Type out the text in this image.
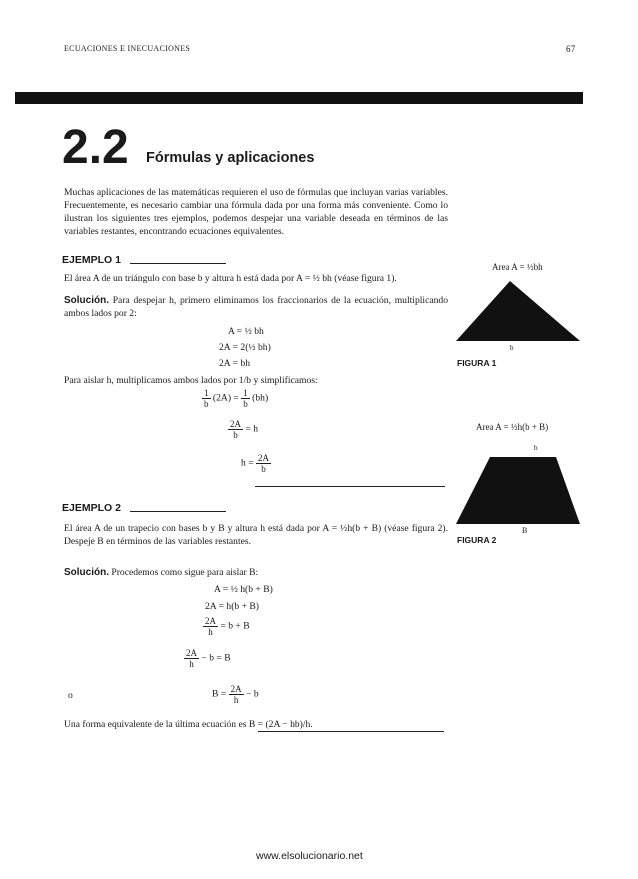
ECUACIONES E INECUACIONES	67
2.2 Fórmulas y aplicaciones
Muchas aplicaciones de las matemáticas requieren el uso de fórmulas que incluyan varias variables. Frecuentemente, es necesario cambiar una fórmula dada por una forma más conveniente. Como lo ilustran los siguientes tres ejemplos, podemos despejar una variable deseada en términos de las variables restantes, encontrando ecuaciones equivalentes.
EJEMPLO 1
El área A de un triángulo con base b y altura h está dada por A = ½ bh (véase figura 1).
Solución. Para despejar h, primero eliminamos los fraccionarios de la ecuación, multiplicando ambos lados por 2:
A = ½ bh
2A = 2(½ bh)
2A = bh
Para aislar h, multiplicamos ambos lados por 1/b y simplificamos:
$\frac{1}{b} (2A) = \frac{1}{b} (bh)$
$\frac{2A}{b} = h$
$h = \frac{2A}{b}$
EJEMPLO 2
El área A de un trapecio con bases b y B y altura h está dada por A = ½h(b + B) (véase figura 2). Despeje B en términos de las variables restantes.
Solución. Procedemos como sigue para aislar B:
A = ½ h(b + B)
2A = h(b + B)
$\frac{2A}{h} = b + B$
$\frac{2A}{h} - b = B$
o	$B = \frac{2A}{h} - b$
Una forma equivalente de la última ecuación es B = (2A − hb)/h.
Area A = ½bh
b
FIGURA 1
Area A = ½h(b + B)
b
B
FIGURA 2
www.elsolucionario.net
